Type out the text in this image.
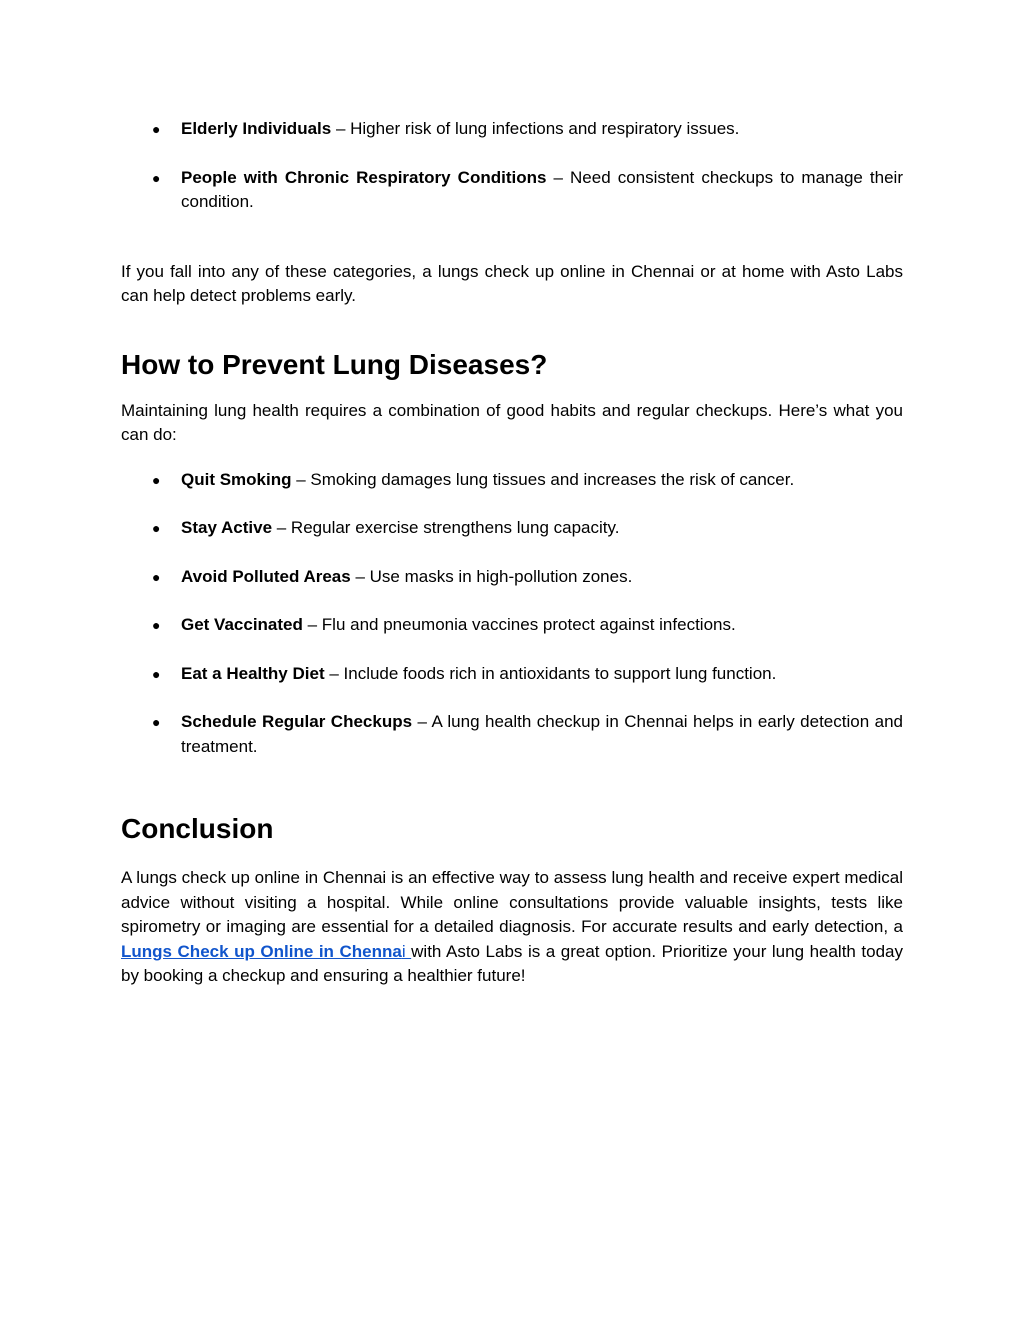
● Elderly Individuals – Higher risk of lung infections and respiratory issues.
● People with Chronic Respiratory Conditions – Need consistent checkups to manage their condition.

If you fall into any of these categories, a lungs check up online in Chennai or at home with Asto Labs can help detect problems early.

How to Prevent Lung Diseases?

Maintaining lung health requires a combination of good habits and regular checkups. Here’s what you can do:

● Quit Smoking – Smoking damages lung tissues and increases the risk of cancer.
● Stay Active – Regular exercise strengthens lung capacity.
● Avoid Polluted Areas – Use masks in high-pollution zones.
● Get Vaccinated – Flu and pneumonia vaccines protect against infections.
● Eat a Healthy Diet – Include foods rich in antioxidants to support lung function.
● Schedule Regular Checkups – A lung health checkup in Chennai helps in early detection and treatment.
Conclusion

A lungs check up online in Chennai is an effective way to assess lung health and receive expert medical advice without visiting a hospital. While online consultations provide valuable insights, tests like spirometry or imaging are essential for a detailed diagnosis. For accurate results and early detection, a Lungs Check up Online in Chennai with Asto Labs is a great option. Prioritize your lung health today by booking a checkup and ensuring a healthier future!
